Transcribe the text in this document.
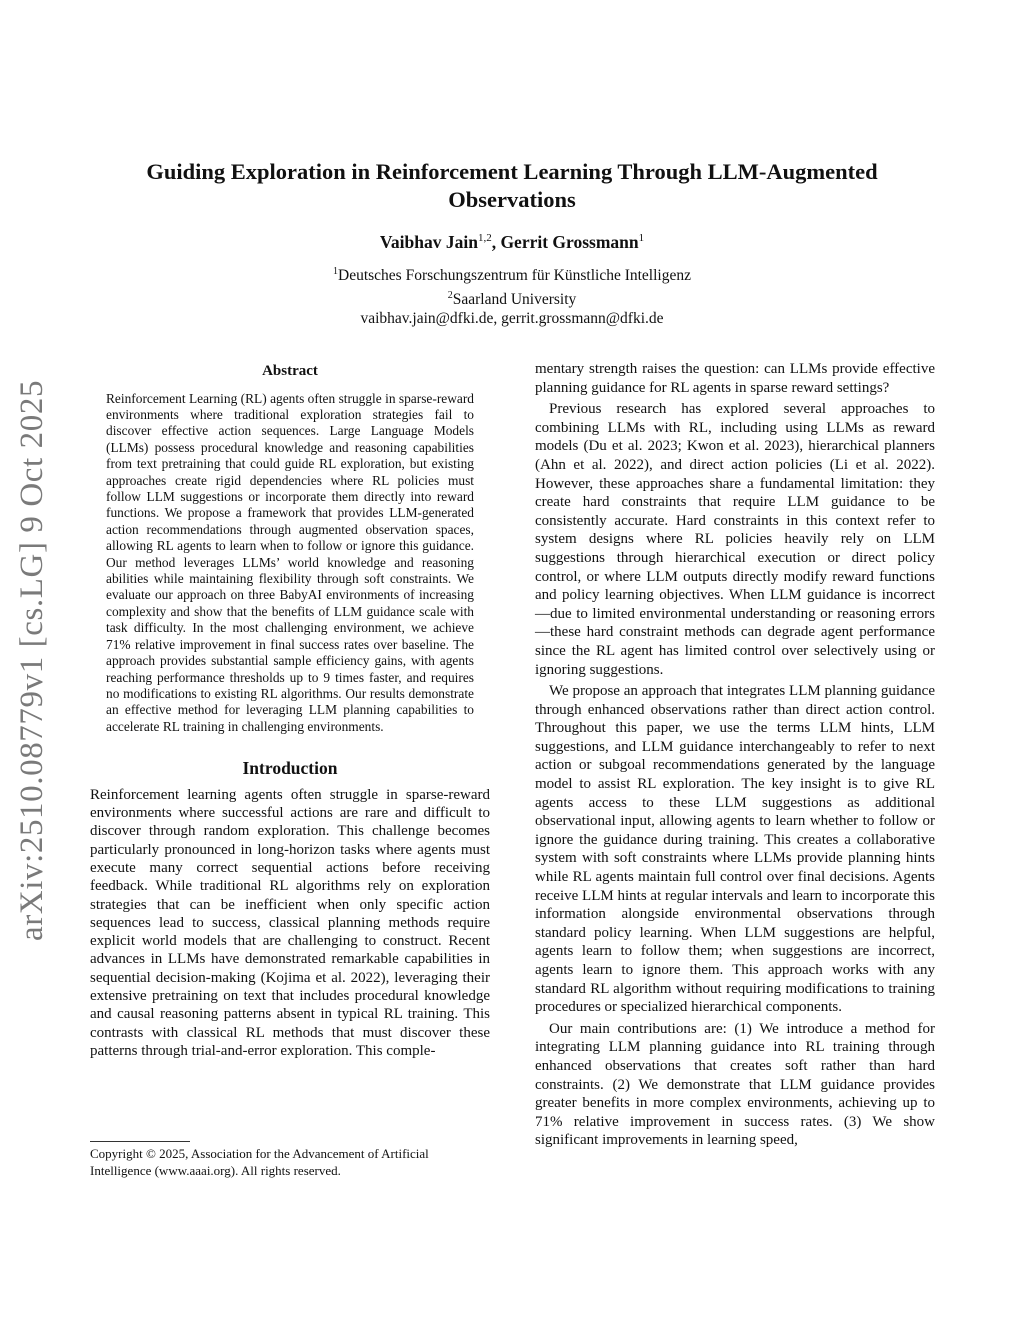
arXiv:2510.08779v1 [cs.LG] 9 Oct 2025
Guiding Exploration in Reinforcement Learning Through LLM-Augmented Observations
Vaibhav Jain$^{1,2}$, Gerrit Grossmann$^1$
$^1$Deutsches Forschungszentrum für Künstliche Intelligenz
$^2$Saarland University
vaibhav.jain@dfki.de, gerrit.grossmann@dfki.de
Abstract

Reinforcement Learning (RL) agents often struggle in sparse-reward environments where traditional exploration strategies fail to discover effective action sequences. Large Language Models (LLMs) possess procedural knowledge and reasoning capabilities from text pretraining that could guide RL exploration, but existing approaches create rigid dependencies where RL policies must follow LLM suggestions or incorporate them directly into reward functions. We propose a framework that provides LLM-generated action recommendations through augmented observation spaces, allowing RL agents to learn when to follow or ignore this guidance. Our method leverages LLMs’ world knowledge and reasoning abilities while maintaining flexibility through soft constraints. We evaluate our approach on three BabyAI environments of increasing complexity and show that the benefits of LLM guidance scale with task difficulty. In the most challenging environment, we achieve 71% relative improvement in final success rates over baseline. The approach provides substantial sample efficiency gains, with agents reaching performance thresholds up to 9 times faster, and requires no modifications to existing RL algorithms. Our results demonstrate an effective method for leveraging LLM planning capabilities to accelerate RL training in challenging environments.

Introduction

Reinforcement learning agents often struggle in sparse-reward environments where successful actions are rare and difficult to discover through random exploration. This challenge becomes particularly pronounced in long-horizon tasks where agents must execute many correct sequential actions before receiving feedback. While traditional RL algorithms rely on exploration strategies that can be inefficient when only specific action sequences lead to success, classical planning methods require explicit world models that are challenging to construct. Recent advances in LLMs have demonstrated remarkable capabilities in sequential decision-making (Kojima et al. 2022), leveraging their extensive pretraining on text that includes procedural knowledge and causal reasoning patterns absent in typical RL training. This contrasts with classical RL methods that must discover these patterns through trial-and-error exploration. This comple-

Copyright © 2025, Association for the Advancement of Artificial Intelligence (www.aaai.org). All rights reserved.

mentary strength raises the question: can LLMs provide effective planning guidance for RL agents in sparse reward settings?

Previous research has explored several approaches to combining LLMs with RL, including using LLMs as reward models (Du et al. 2023; Kwon et al. 2023), hierarchical planners (Ahn et al. 2022), and direct action policies (Li et al. 2022). However, these approaches share a fundamental limitation: they create hard constraints that require LLM guidance to be consistently accurate. Hard constraints in this context refer to system designs where RL policies heavily rely on LLM suggestions through hierarchical execution or direct policy control, or where LLM outputs directly modify reward functions and policy learning objectives. When LLM guidance is incorrect—due to limited environmental understanding or reasoning errors—these hard constraint methods can degrade agent performance since the RL agent has limited control over selectively using or ignoring suggestions.

We propose an approach that integrates LLM planning guidance through enhanced observations rather than direct action control. Throughout this paper, we use the terms LLM hints, LLM suggestions, and LLM guidance interchangeably to refer to next action or subgoal recommendations generated by the language model to assist RL exploration. The key insight is to give RL agents access to these LLM suggestions as additional observational input, allowing agents to learn whether to follow or ignore the guidance during training. This creates a collaborative system with soft constraints where LLMs provide planning hints while RL agents maintain full control over final decisions. Agents receive LLM hints at regular intervals and learn to incorporate this information alongside environmental observations through standard policy learning. When LLM suggestions are helpful, agents learn to follow them; when suggestions are incorrect, agents learn to ignore them. This approach works with any standard RL algorithm without requiring modifications to training procedures or specialized hierarchical components.

Our main contributions are: (1) We introduce a method for integrating LLM planning guidance into RL training through enhanced observations that creates soft rather than hard constraints. (2) We demonstrate that LLM guidance provides greater benefits in more complex environments, achieving up to 71% relative improvement in success rates. (3) We show significant improvements in learning speed,
